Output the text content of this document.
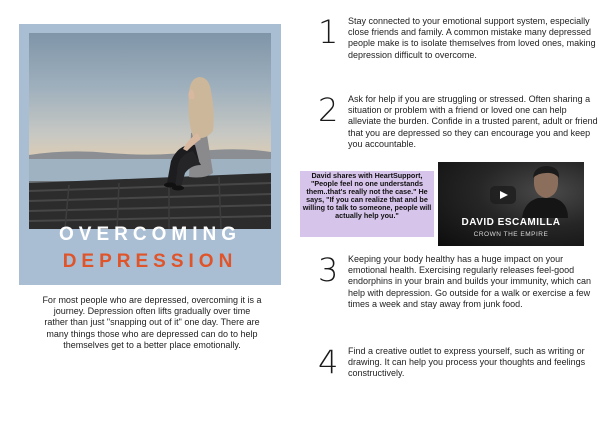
OVERCOMING
DEPRESSION

For most people who are depressed, overcoming it is a journey. Depression often lifts gradually over time rather than just "snapping out of it" one day. There are many things those who are depressed can do to help themselves get to a better place emotionally.

1 Stay connected to your emotional support system, especially close friends and family. A common mistake many depressed people make is to isolate themselves from loved ones, making depression difficult to overcome.

2 Ask for help if you are struggling or stressed. Often sharing a situation or problem with a friend or loved one can help alleviate the burden. Confide in a trusted parent, adult or friend that you are depressed so they can encourage you and keep you accountable.

David shares with HeartSupport, "People feel no one understands them..that's really not the case." He says, "If you can realize that and be willing to talk to someone, people will actually help you."
DAVID ESCAMILLA
CROWN THE EMPIRE
3 Keeping your body healthy has a huge impact on your emotional health. Exercising regularly releases feel-good endorphins in your brain and builds your immunity, which can help with depression. Go outside for a walk or exercise a few times a week and stay away from junk food.

4 Find a creative outlet to express yourself, such as writing or drawing. It can help you process your thoughts and feelings constructively.
